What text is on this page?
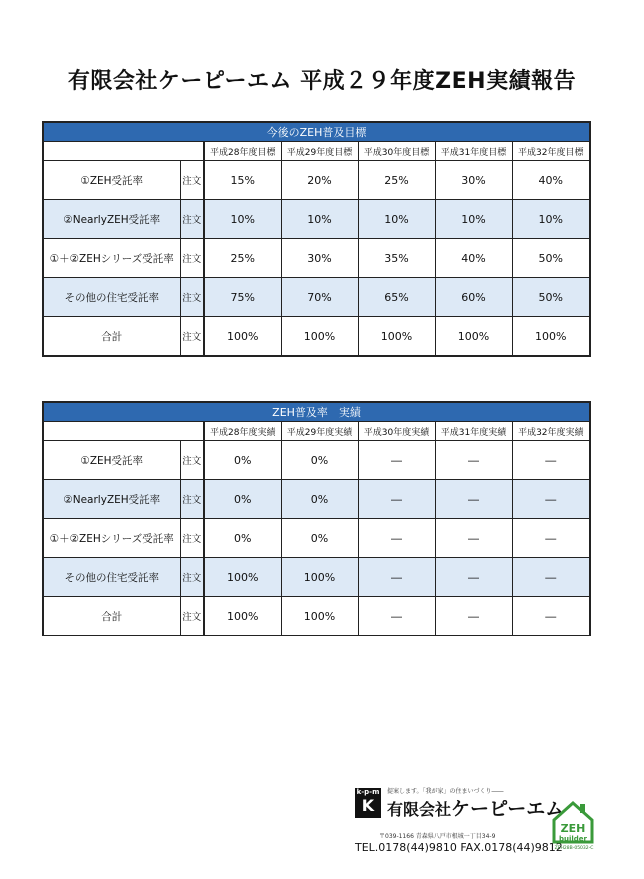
有限会社ケーピーエム 平成２９年度ZEH実績報告
今後のZEH普及目標						
		平成28年度目標	平成29年度目標	平成30年度目標	平成31年度目標	平成32年度目標
①ZEH受託率	注文	15%	20%	25%	30%	40%
②NearlyZEH受託率	注文	10%	10%	10%	10%	10%
①＋②ZEHシリーズ受託率	注文	25%	30%	35%	40%	50%
その他の住宅受託率	注文	75%	70%	65%	60%	50%
合計	注文	100%	100%	100%	100%	100%
ZEH普及率　実績						
		平成28年度実績	平成29年度実績	平成30年度実績	平成31年度実績	平成32年度実績
①ZEH受託率	注文	0%	0%	―	―	―
②NearlyZEH受託率	注文	0%	0%	―	―	―
①＋②ZEHシリーズ受託率	注文	0%	0%	―	―	―
その他の住宅受託率	注文	100%	100%	―	―	―
合計	注文	100%	100%	―	―	―
k-p-m
K
提案します。「我が家」の住まいづくり――
有限会社ケーピーエム
〒039-1166 青森県八戸市根城一丁目34-9
TEL.0178(44)9810 FAX.0178(44)9812
ZEH
builder
ZEH28B-05032-C
